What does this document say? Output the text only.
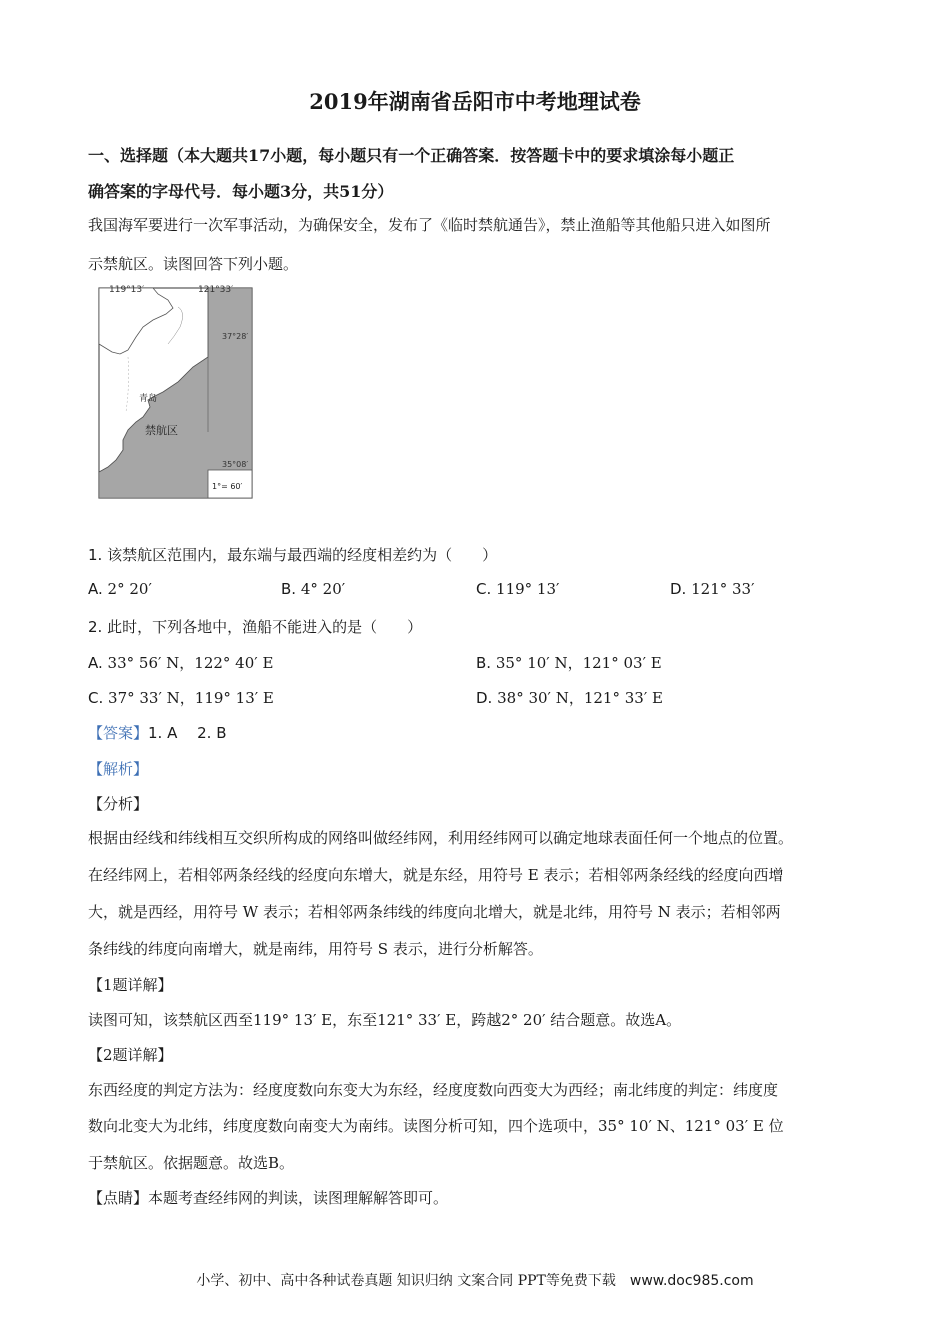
2019年湖南省岳阳市中考地理试卷
一、选择题（本大题共17小题，每小题只有一个正确答案．按答题卡中的要求填涂每小题正
确答案的字母代号．每小题3分，共51分）
我国海军要进行一次军事活动，为确保安全，发布了《临时禁航通告》，禁止渔船等其他船只进入如图所
示禁航区。读图回答下列小题。
119°13′	121°33′
37°28′
35°08′
青岛
禁航区
1°= 60′
1. 该禁航区范围内，最东端与最西端的经度相差约为（　　）
A. 2° 20′	B. 4° 20′	C. 119° 13′	D. 121° 33′
2. 此时，下列各地中，渔船不能进入的是（　　）
A. 33° 56′ N，122° 40′ E	B. 35° 10′ N，121° 03′ E
C. 37° 33′ N，119° 13′ E	D. 38° 30′ N，121° 33′ E
【答案】1. A　 2. B
【解析】
【分析】
根据由经线和纬线相互交织所构成的网络叫做经纬网，利用经纬网可以确定地球表面任何一个地点的位置。
在经纬网上，若相邻两条经线的经度向东增大，就是东经，用符号 E 表示；若相邻两条经线的经度向西增
大，就是西经，用符号 W 表示；若相邻两条纬线的纬度向北增大，就是北纬，用符号 N 表示；若相邻两
条纬线的纬度向南增大，就是南纬，用符号 S 表示，进行分析解答。
【1题详解】
读图可知，该禁航区西至119° 13′ E，东至121° 33′ E，跨越2° 20′ 结合题意。故选A。
【2题详解】
东西经度的判定方法为：经度度数向东变大为东经，经度度数向西变大为西经；南北纬度的判定：纬度度
数向北变大为北纬，纬度度数向南变大为南纬。读图分析可知，四个选项中，35° 10′ N、121° 03′ E 位
于禁航区。依据题意。故选B。
【点睛】本题考查经纬网的判读，读图理解解答即可。
小学、初中、高中各种试卷真题 知识归纳 文案合同 PPT等免费下载 www.doc985.com
